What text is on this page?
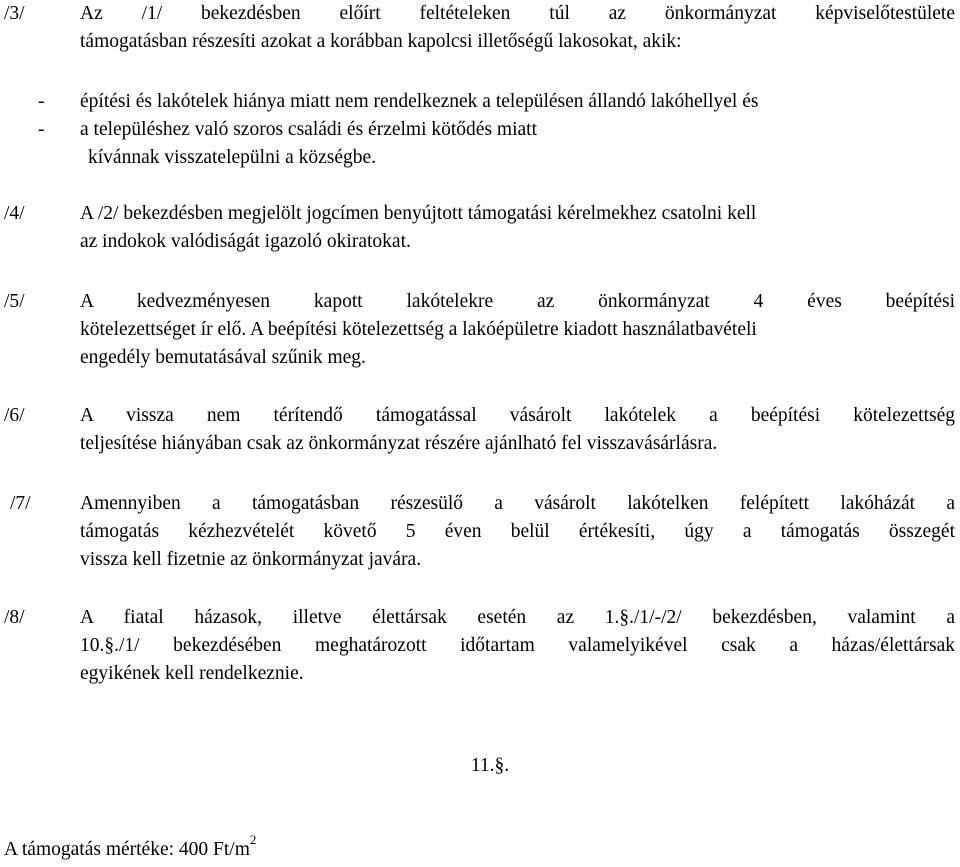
/3/	Az /1/ bekezdésben előírt feltételeken túl az önkormányzat képviselőtestülete
támogatásban részesíti azokat a korábban kapolcsi illetőségű lakosokat, akik:
- építési és lakótelek hiánya miatt nem rendelkeznek a településen állandó lakóhellyel és
- a településhez való szoros családi és érzelmi kötődés miatt
kívánnak visszatelepülni a községbe.
/4/	A /2/ bekezdésben megjelölt jogcímen benyújtott támogatási kérelmekhez csatolni kell
az indokok valódiságát igazoló okiratokat.
/5/	A kedvezményesen kapott lakótelekre az önkormányzat 4 éves beépítési
kötelezettséget ír elő. A beépítési kötelezettség a lakóépületre kiadott használatbavételi
engedély bemutatásával szűnik meg.
/6/	A vissza nem térítendő támogatással vásárolt lakótelek a beépítési kötelezettség
teljesítése hiányában csak az önkormányzat részére ajánlható fel visszavásárlásra.
/7/	Amennyiben a támogatásban részesülő a vásárolt lakótelken felépített lakóházát a
támogatás kézhezvételét követő 5 éven belül értékesíti, úgy a támogatás összegét
vissza kell fizetnie az önkormányzat javára.
/8/	A fiatal házasok, illetve élettársak esetén az 1.§./1/-/2/ bekezdésben, valamint a
10.§./1/ bekezdésében meghatározott időtartam valamelyikével csak a házas/élettársak
egyikének kell rendelkeznie.
11.§.
A támogatás mértéke: 400 $Ft/m^2$
